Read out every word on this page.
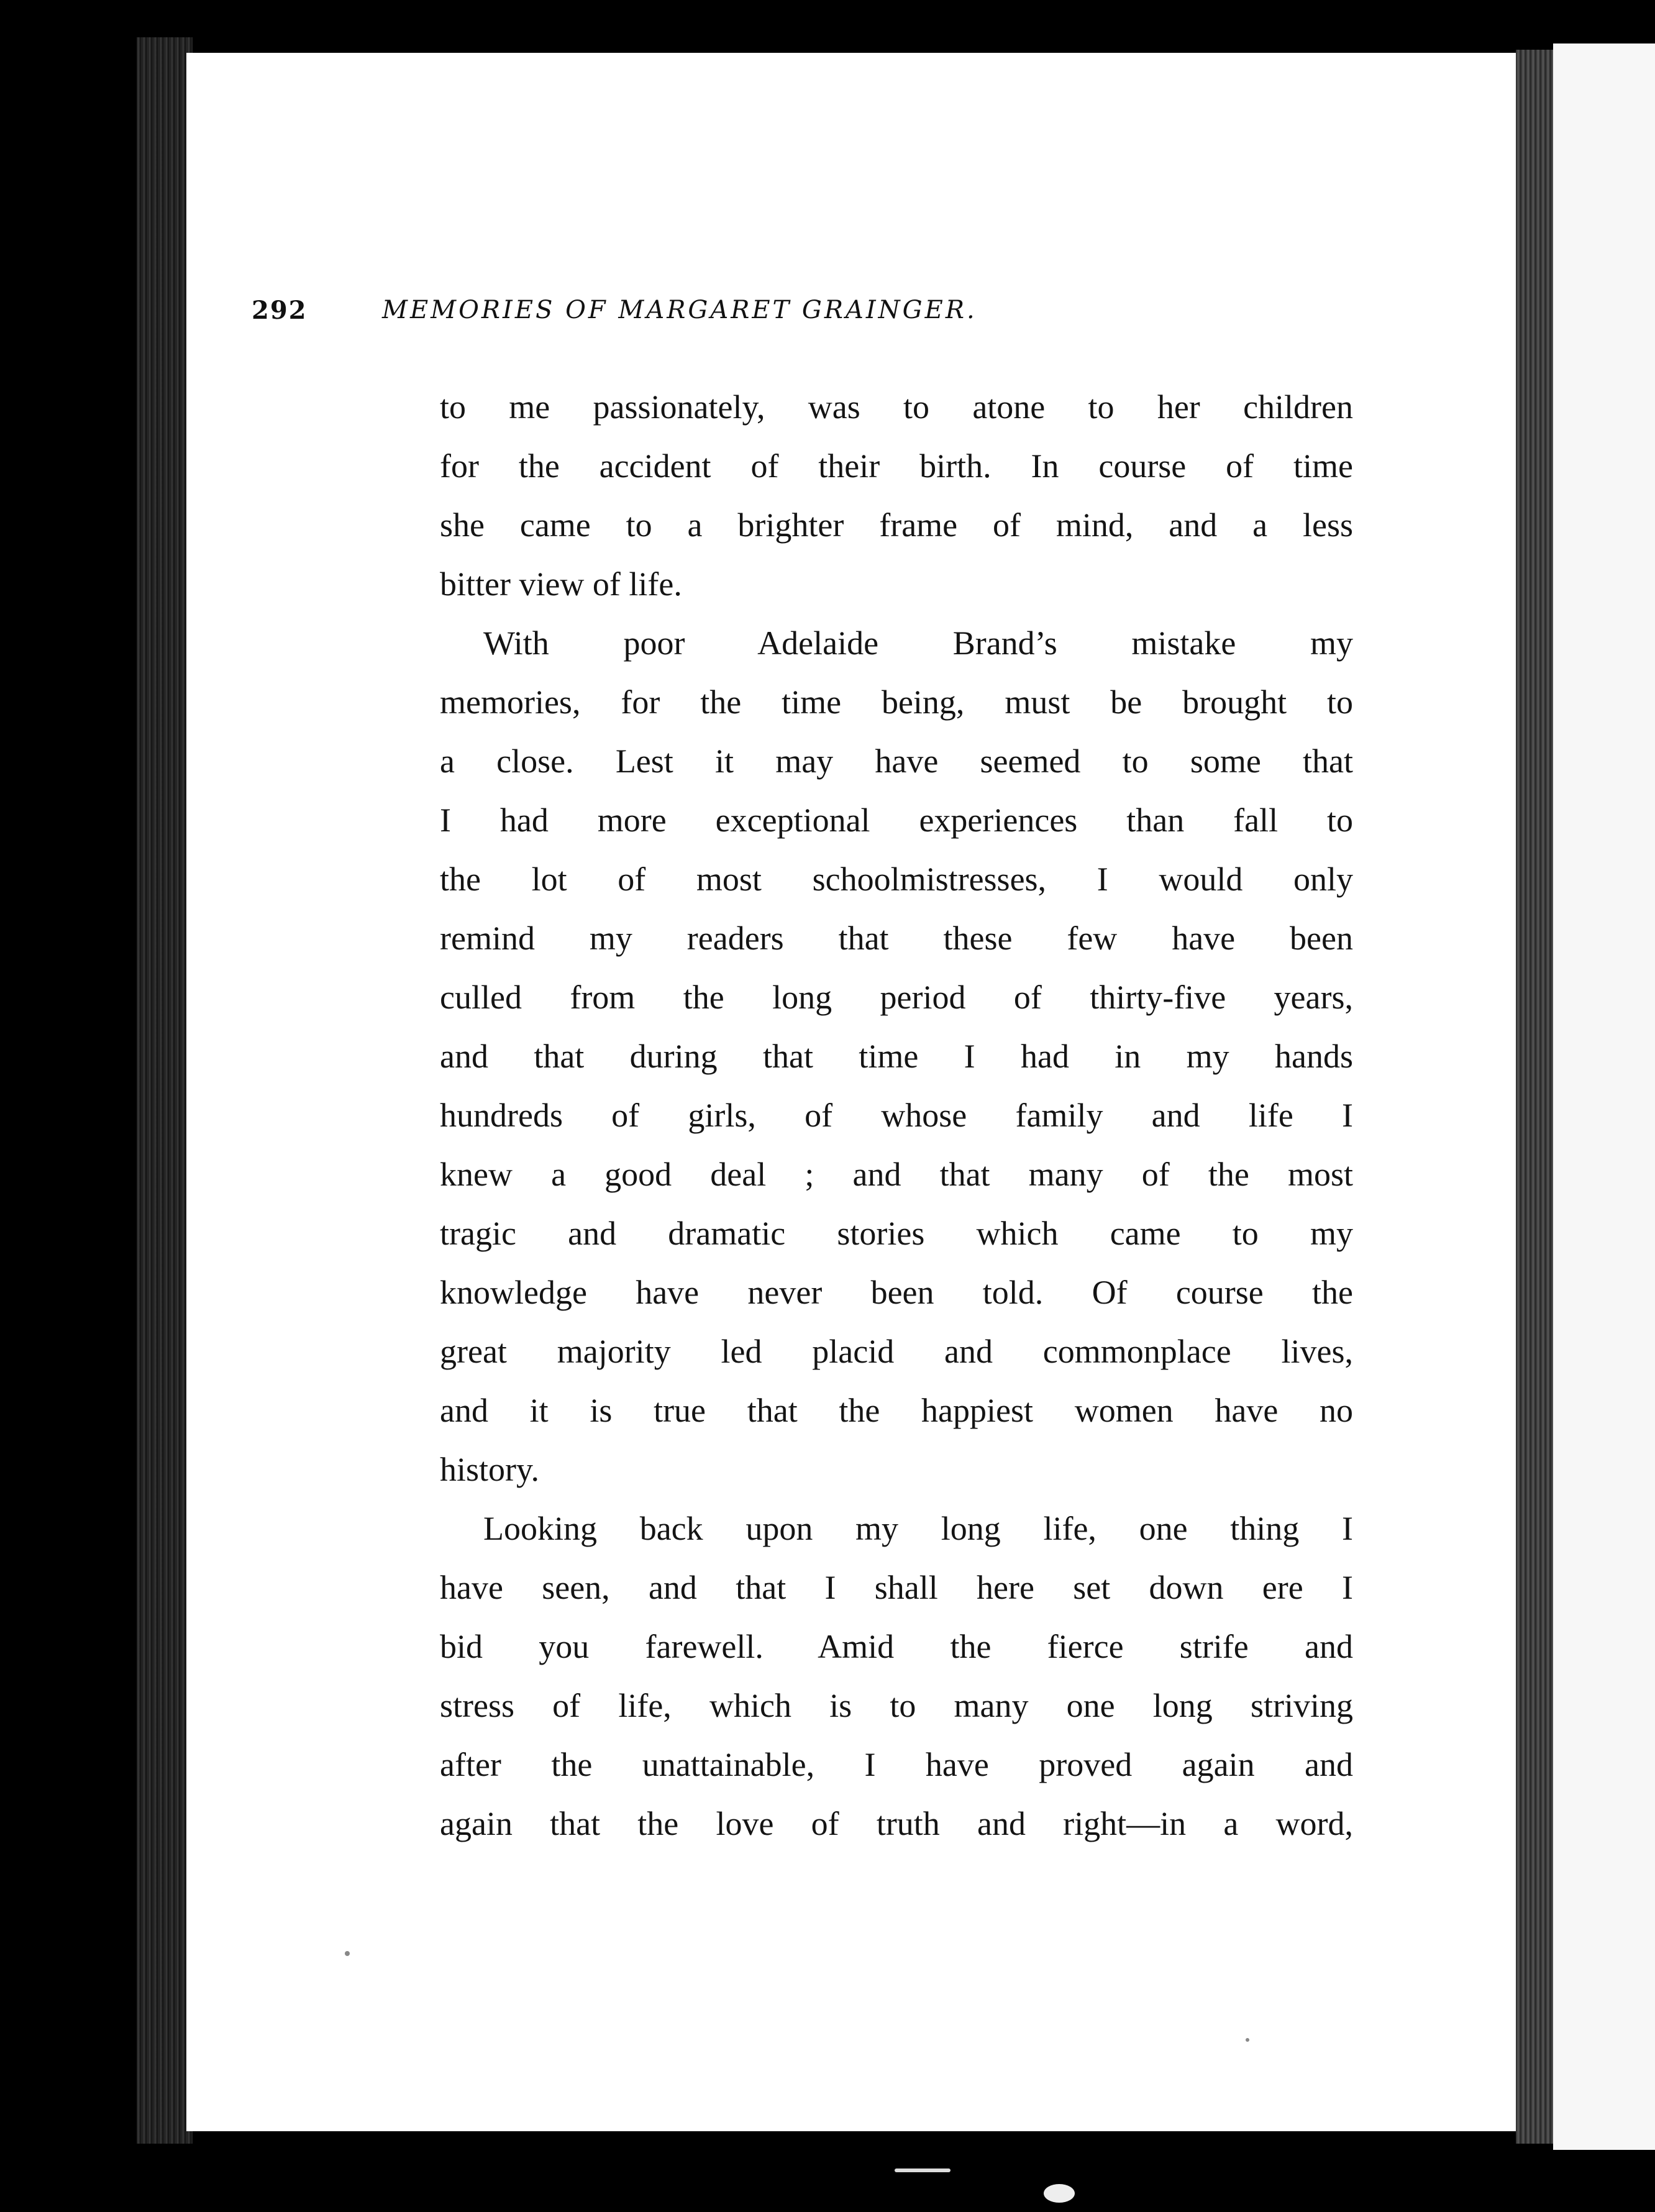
292	MEMORIES OF MARGARET GRAINGER.
to me passionately, was to atone to her children
for the accident of their birth. In course of time
she came to a brighter frame of mind, and a less
bitter view of life.
With poor Adelaide Brand’s mistake my
memories, for the time being, must be brought to
a close. Lest it may have seemed to some that
I had more exceptional experiences than fall to
the lot of most schoolmistresses, I would only
remind my readers that these few have been
culled from the long period of thirty-five years,
and that during that time I had in my hands
hundreds of girls, of whose family and life I
knew a good deal ; and that many of the most
tragic and dramatic stories which came to my
knowledge have never been told. Of course the
great majority led placid and commonplace lives,
and it is true that the happiest women have no
history.
Looking back upon my long life, one thing I
have seen, and that I shall here set down ere I
bid you farewell. Amid the fierce strife and
stress of life, which is to many one long striving
after the unattainable, I have proved again and
again that the love of truth and right—in a word,
